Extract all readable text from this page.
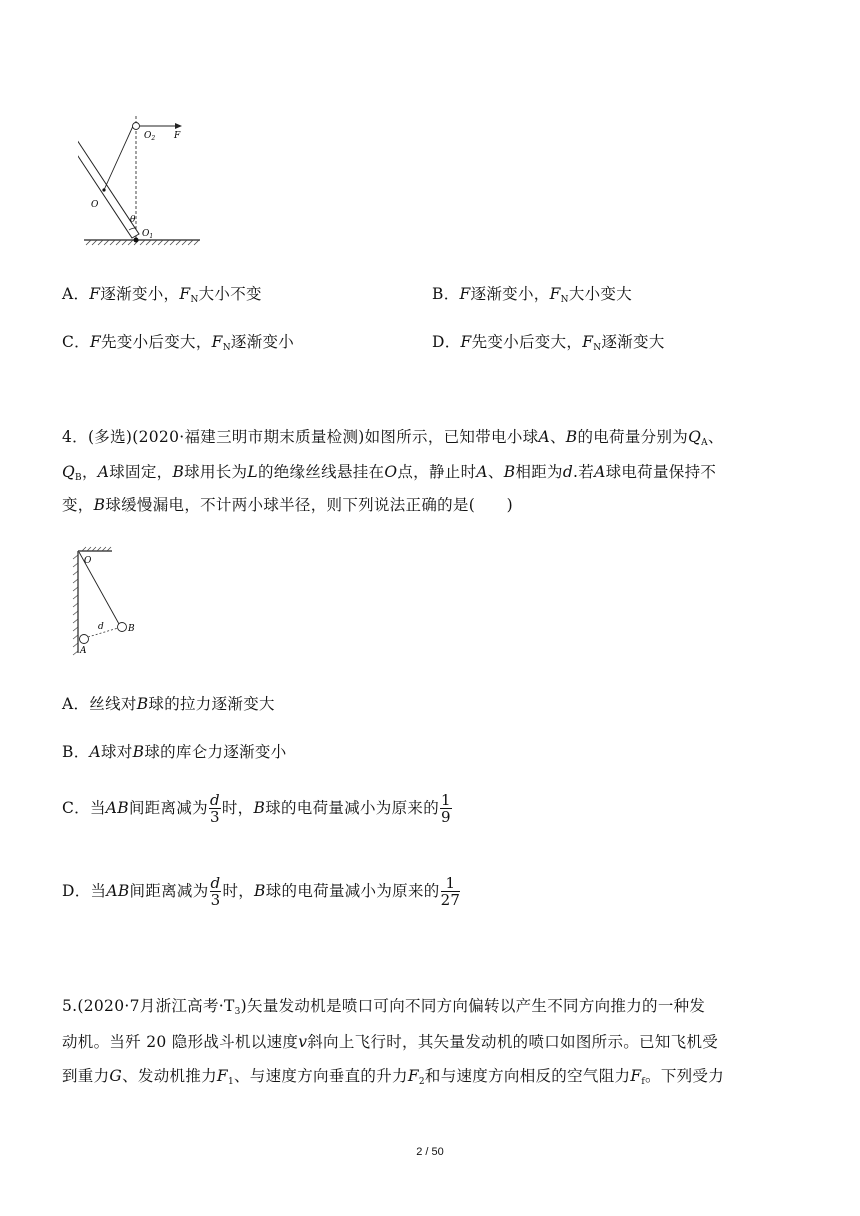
$O_2$ F
O
θ
$O_1$
A．F逐渐变小，$F_N$大小不变	B．F逐渐变小，$F_N$大小变大
C．F先变小后变大，$F_N$逐渐变小	D．F先变小后变大，$F_N$逐渐变大
4．(多选)(2020·福建三明市期末质量检测)如图所示，已知带电小球A、B的电荷量分别为$Q_A$、
$Q_B$，A球固定，B球用长为L的绝缘丝线悬挂在O点，静止时A、B相距为d.若A球电荷量保持不
变，B球缓慢漏电，不计两小球半径，则下列说法正确的是(　　)
O
B
d
A
A．丝线对B球的拉力逐渐变大
B．A球对B球的库仑力逐渐变小
C．当AB间距离减为 $\frac{d}{3}$ 时，B球的电荷量减小为原来的 $\frac{1}{9}$
D．当AB间距离减为 $\frac{d}{3}$ 时，B球的电荷量减小为原来的 $\frac{1}{27}$
5.(2020·7月浙江高考$\cdot T_3$)矢量发动机是喷口可向不同方向偏转以产生不同方向推力的一种发
动机。当歼 20 隐形战斗机以速度v斜向上飞行时，其矢量发动机的喷口如图所示。已知飞机受
到重力G、发动机推力$F_1$、与速度方向垂直的升力$F_2$和与速度方向相反的空气阻力$F_f$。下列受力
2 / 50
